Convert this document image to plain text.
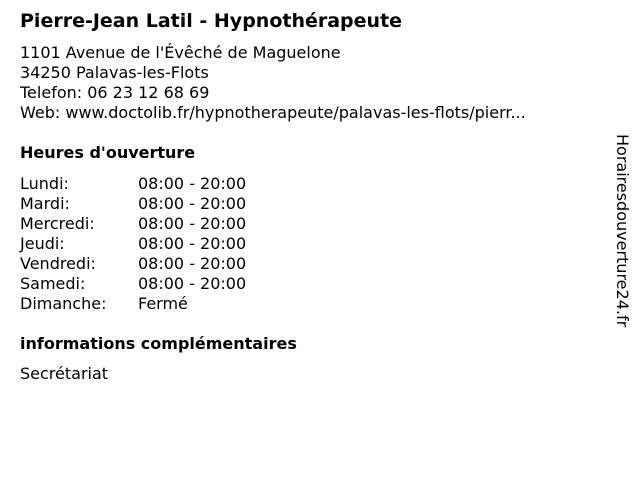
Pierre-Jean Latil - Hypnothérapeute
1101 Avenue de l'Évêché de Maguelone
34250 Palavas-les-Flots
Telefon: 06 23 12 68 69
Web: www.doctolib.fr/hypnotherapeute/palavas-les-flots/pierr...
Heures d'ouverture
Lundi:	08:00 - 20:00
Mardi:	08:00 - 20:00
Mercredi:	08:00 - 20:00
Jeudi:	08:00 - 20:00
Vendredi:	08:00 - 20:00
Samedi:	08:00 - 20:00
Dimanche:	Fermé
informations complémentaires
Secrétariat
Horairesdouverture24.fr
